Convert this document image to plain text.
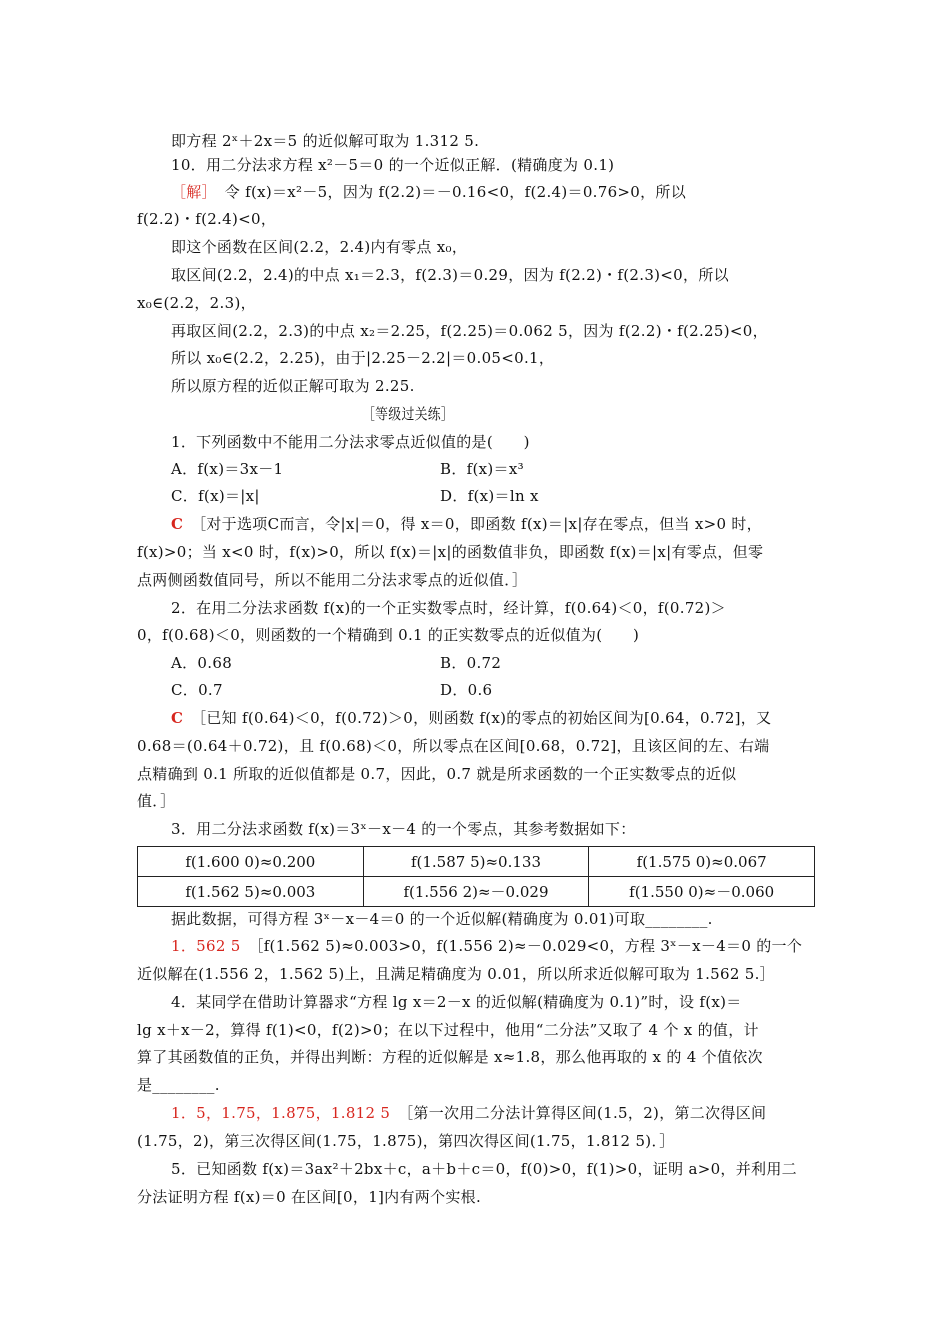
即方程 2ˣ＋2x＝5 的近似解可取为 1.312 5.
10．用二分法求方程 x²－5＝0 的一个近似正解．(精确度为 0.1)
［解］　 令 f(x)＝x²－5，因为 f(2.2)＝－0.16<0，f(2.4)＝0.76>0，所以
f(2.2)・f(2.4)<0，
即这个函数在区间(2.2，2.4)内有零点 x₀，
取区间(2.2，2.4)的中点 x₁＝2.3，f(2.3)＝0.29，因为 f(2.2)・f(2.3)<0，所以
x₀∈(2.2，2.3)，
再取区间(2.2，2.3)的中点 x₂＝2.25，f(2.25)＝0.062 5，因为 f(2.2)・f(2.25)<0，
所以 x₀∈(2.2，2.25)，由于|2.25－2.2|＝0.05<0.1，
所以原方程的近似正解可取为 2.25.
［等级过关练］
1．下列函数中不能用二分法求零点近似值的是(　　)
A．f(x)＝3x－1	B．f(x)＝x³
C．f(x)＝|x|	D．f(x)＝ln x
C　 ［对于选项C而言，令|x|＝0，得 x＝0，即函数 f(x)＝|x|存在零点，但当 x>0 时，
f(x)>0；当 x<0 时，f(x)>0，所以 f(x)＝|x|的函数值非负，即函数 f(x)＝|x|有零点，但零
点两侧函数值同号，所以不能用二分法求零点的近似值．］
2．在用二分法求函数 f(x)的一个正实数零点时，经计算，f(0.64)＜0，f(0.72)＞
0，f(0.68)＜0，则函数的一个精确到 0.1 的正实数零点的近似值为(　　)
A．0.68	B．0.72
C．0.7	D．0.6
C　 ［已知 f(0.64)＜0，f(0.72)＞0，则函数 f(x)的零点的初始区间为[0.64，0.72]，又
0.68＝(0.64＋0.72)，且 f(0.68)＜0，所以零点在区间[0.68，0.72]，且该区间的左、右端
点精确到 0.1 所取的近似值都是 0.7，因此，0.7 就是所求函数的一个正实数零点的近似
值．］
3．用二分法求函数 f(x)＝3ˣ－x－4 的一个零点，其参考数据如下：
f(1.600 0)≈0.200	f(1.587 5)≈0.133	f(1.575 0)≈0.067
f(1.562 5)≈0.003	f(1.556 2)≈－0.029	f(1.550 0)≈－0.060
据此数据，可得方程 3ˣ－x－4＝0 的一个近似解(精确度为 0.01)可取________.
1．562 5　 ［f(1.562 5)≈0.003>0，f(1.556 2)≈－0.029<0，方程 3ˣ－x－4＝0 的一个
近似解在(1.556 2，1.562 5)上，且满足精确度为 0.01，所以所求近似解可取为 1.562 5.］
4．某同学在借助计算器求“方程 lg x＝2－x 的近似解(精确度为 0.1)”时，设 f(x)＝
lg x＋x－2，算得 f(1)<0，f(2)>0；在以下过程中，他用“二分法”又取了 4 个 x 的值，计
算了其函数值的正负，并得出判断：方程的近似解是 x≈1.8，那么他再取的 x 的 4 个值依次
是________.
1．5，1.75，1.875，1.812 5　 ［第一次用二分法计算得区间(1.5，2)，第二次得区间
(1.75，2)，第三次得区间(1.75，1.875)，第四次得区间(1.75，1.812 5)．］
5．已知函数 f(x)＝3ax²＋2bx＋c，a＋b＋c＝0，f(0)>0，f(1)>0，证明 a>0，并利用二
分法证明方程 f(x)＝0 在区间[0，1]内有两个实根.
